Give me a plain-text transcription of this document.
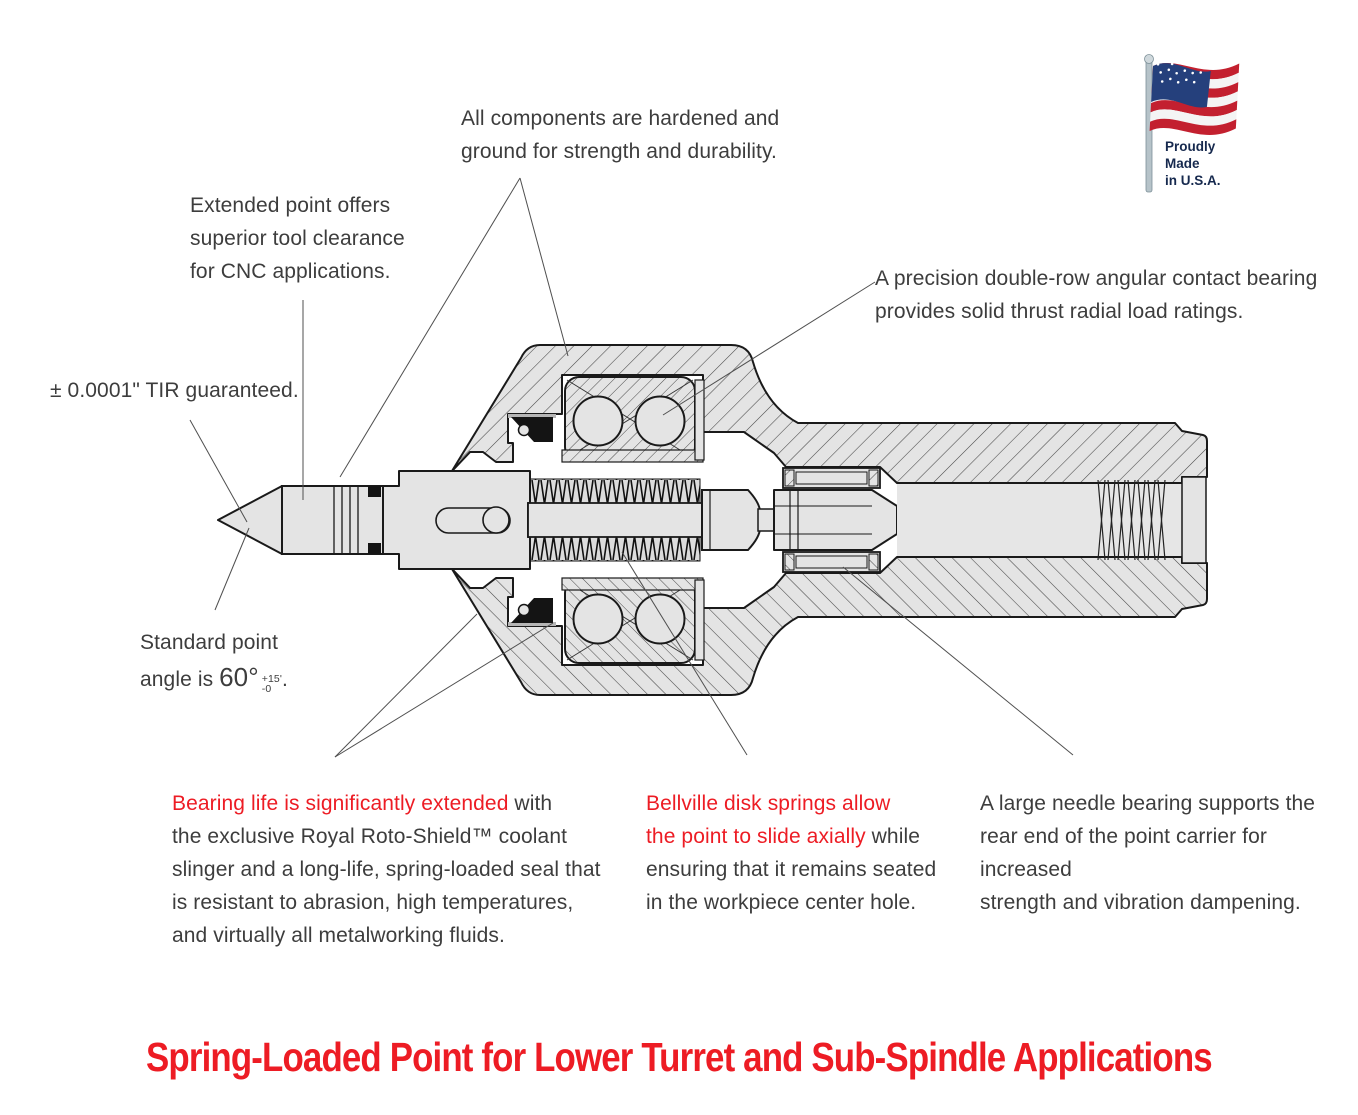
All components are hardened and
ground for strength and durability.
Extended point offers
superior tool clearance
for CNC applications.
± 0.0001" TIR guaranteed.
A precision double-row angular contact bearing
provides solid thrust radial load ratings.
Standard point
angle is 60° +15'
-0 .
Bearing life is significantly extended with
the exclusive Royal Roto-Shield™ coolant
slinger and a long-life, spring-loaded seal that
is resistant to abrasion, high temperatures,
and virtually all metalworking fluids.
Bellville disk springs allow
the point to slide axially while
ensuring that it remains seated
in the workpiece center hole.
A large needle bearing supports the
rear end of the point carrier for increased
strength and vibration dampening.
Proudly
Made
in U.S.A.
Spring-Loaded Point for Lower Turret and Sub-Spindle Applications
